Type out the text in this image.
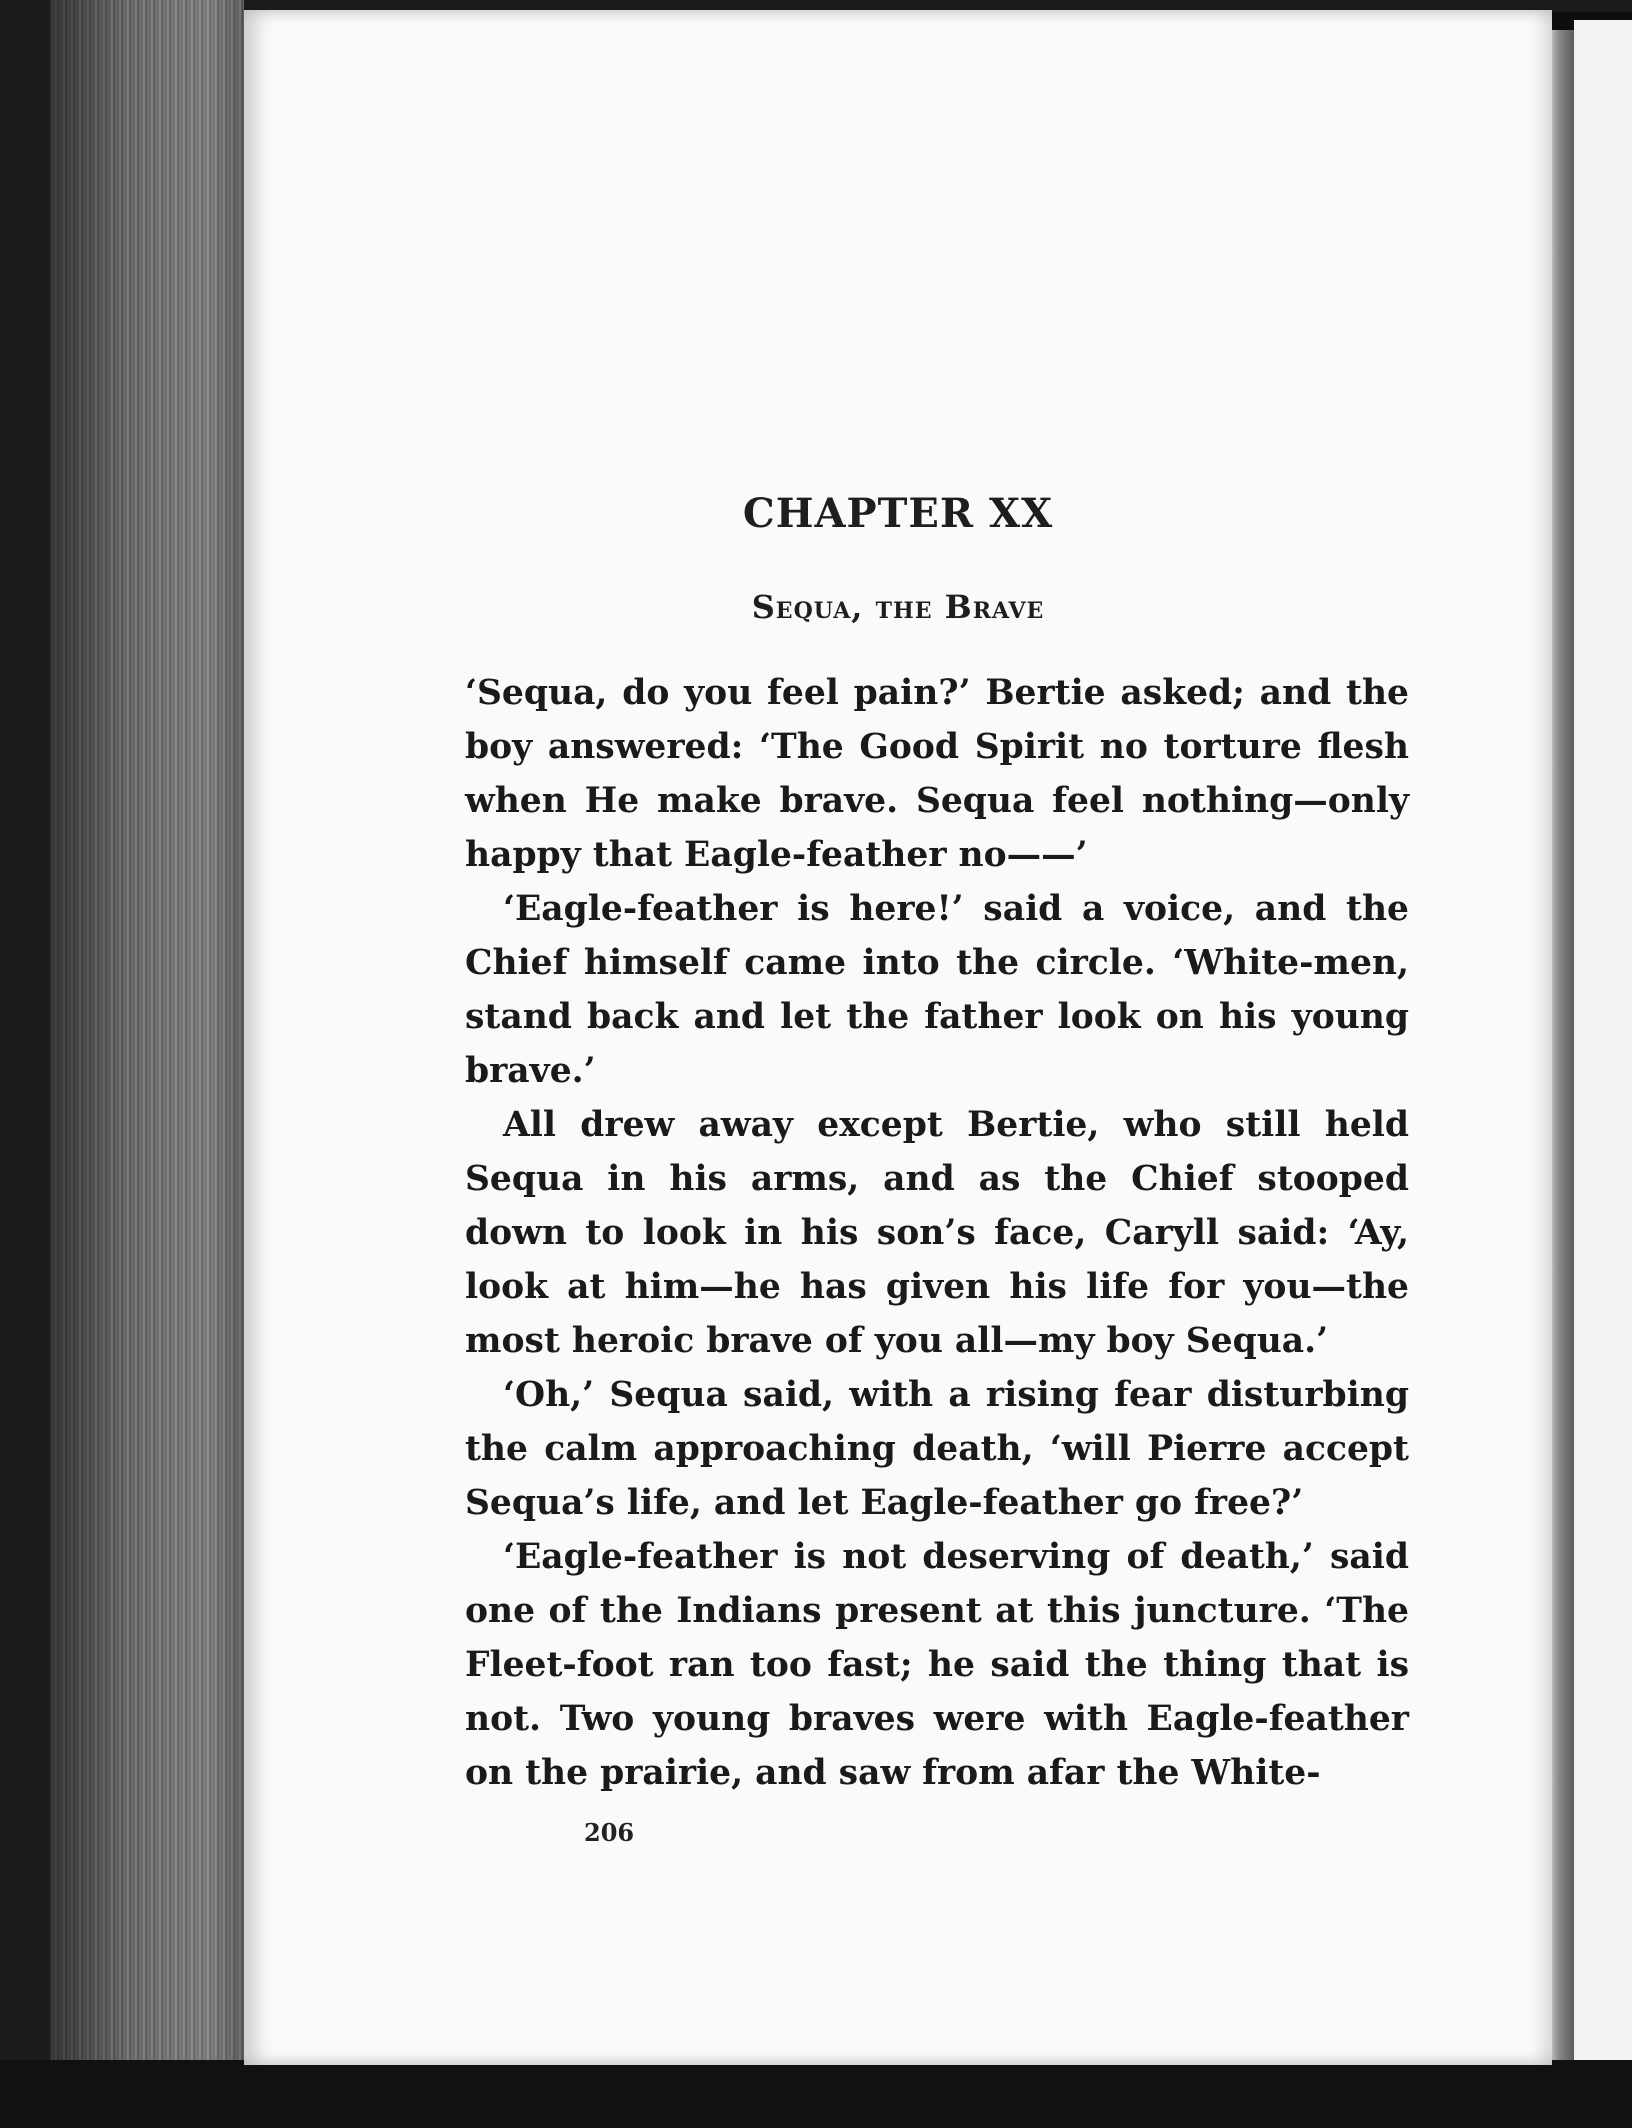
CHAPTER XX
Sequa, the Brave

‘Sequa, do you feel pain?’ Bertie asked; and the boy answered: ‘The Good Spirit no torture flesh when He make brave. Sequa feel nothing—only happy that Eagle-feather no——’

‘Eagle-feather is here!’ said a voice, and the Chief himself came into the circle. ‘White-men, stand back and let the father look on his young brave.’

All drew away except Bertie, who still held Sequa in his arms, and as the Chief stooped down to look in his son’s face, Caryll said: ‘Ay, look at him—he has given his life for you—the most heroic brave of you all—my boy Sequa.’

‘Oh,’ Sequa said, with a rising fear disturbing the calm approaching death, ‘will Pierre accept Sequa’s life, and let Eagle-feather go free?’

‘Eagle-feather is not deserving of death,’ said one of the Indians present at this juncture. ‘The Fleet-foot ran too fast; he said the thing that is not. Two young braves were with Eagle-feather on the prairie, and saw from afar the White-

206
